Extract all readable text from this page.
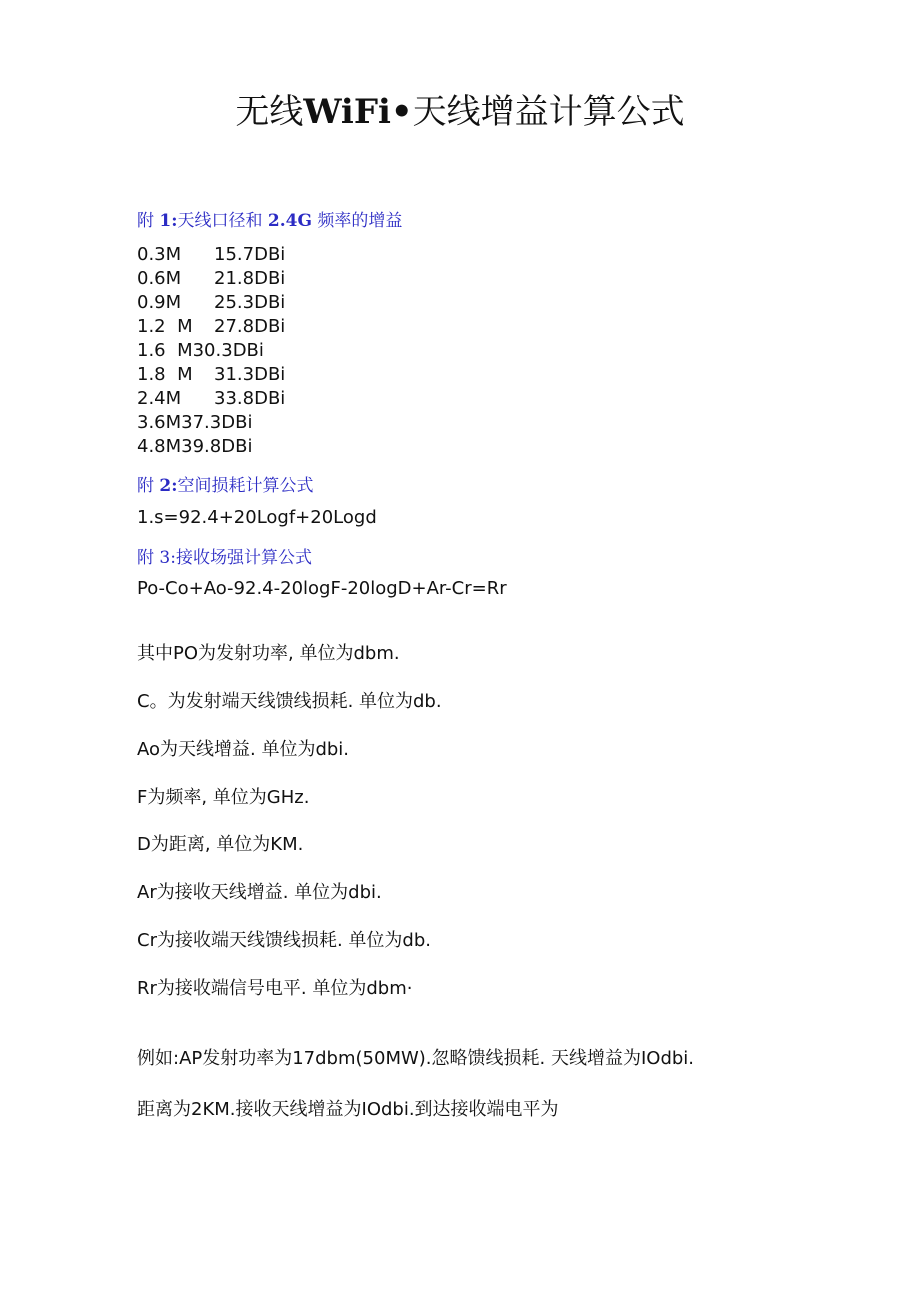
无线WiFi•天线增益计算公式
附 1:天线口径和 2.4G 频率的增益
0.3M 15.7DBi
0.6M 21.8DBi
0.9M 25.3DBi
1.2  M 27.8DBi
1.6  M30.3DBi
1.8  M 31.3DBi
2.4M 33.8DBi
3.6M37.3DBi
4.8M39.8DBi
附 2:空间损耗计算公式
1.s=92.4+20Logf+20Logd
附 3:接收场强计算公式
Po-Co+Ao-92.4-20logF-20logD+Ar-Cr=Rr
其中PO为发射功率, 单位为dbm.
C。为发射端天线馈线损耗. 单位为db.
Ao为天线增益. 单位为dbi.
F为频率, 单位为GHz.
D为距离, 单位为KM.
Ar为接收天线增益. 单位为dbi.
Cr为接收端天线馈线损耗. 单位为db.
Rr为接收端信号电平. 单位为dbm·
例如:AP发射功率为17dbm(50MW).忽略馈线损耗. 天线增益为IOdbi.
距离为2KM.接收天线增益为IOdbi.到达接收端电平为
